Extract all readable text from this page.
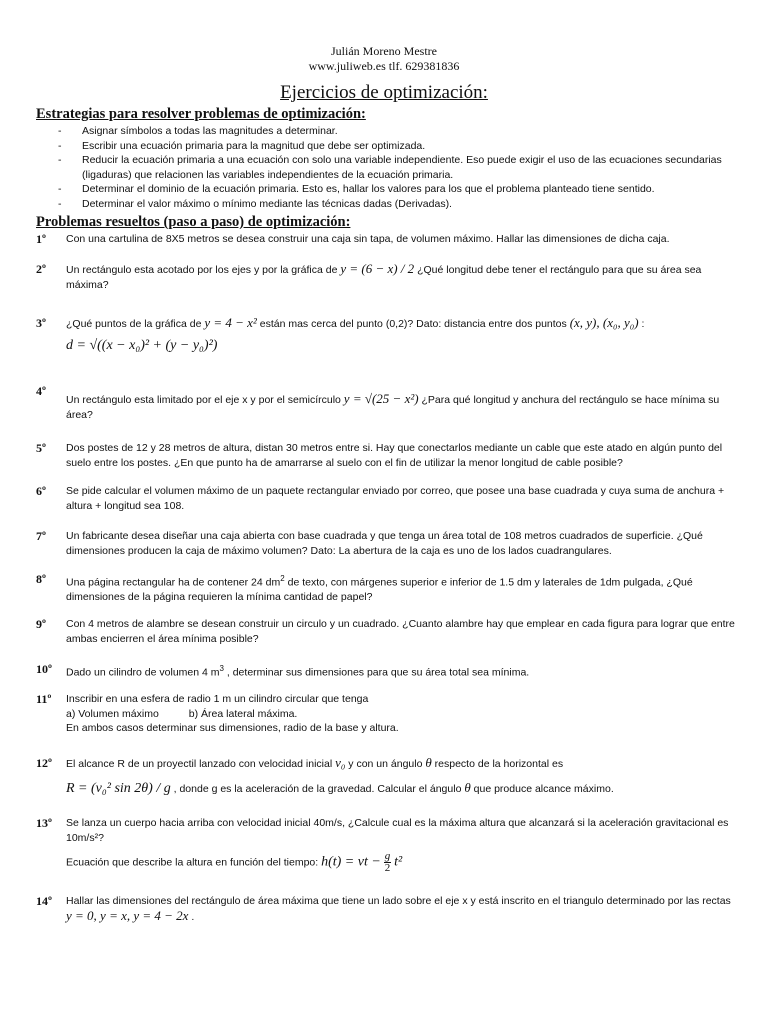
Julián Moreno Mestre
www.juliweb.es tlf. 629381836
Ejercicios de optimización:
Estrategias para resolver problemas de optimización:
- Asignar símbolos a todas las magnitudes a determinar.
- Escribir una ecuación primaria para la magnitud que debe ser optimizada.
- Reducir la ecuación primaria a una ecuación con solo una variable independiente. Eso puede exigir el uso de las ecuaciones secundarias (ligaduras) que relacionen las variables independientes de la ecuación primaria.
- Determinar el dominio de la ecuación primaria. Esto es, hallar los valores para los que el problema planteado tiene sentido.
- Determinar el valor máximo o mínimo mediante las técnicas dadas (Derivadas).
Problemas resueltos (paso a paso) de optimización:
1º	Con una cartulina de 8X5 metros se desea construir una caja sin tapa, de volumen máximo. Hallar las dimensiones de dicha caja.
2º	Un rectángulo esta acotado por los ejes y por la gráfica de y = (6 − x) / 2 ¿Qué longitud debe tener el rectángulo para que su área sea máxima?
3º	¿Qué puntos de la gráfica de y = 4 − x² están mas cerca del punto (0,2)? Dato: distancia entre dos puntos (x, y), (x₀, y₀) :
d = √((x − x₀)² + (y − y₀)²)
4º
Un rectángulo esta limitado por el eje x y por el semicírculo y = √(25 − x²) ¿Para qué longitud y anchura del rectángulo se hace mínima su área?
5º	Dos postes de 12 y 28 metros de altura, distan 30 metros entre si. Hay que conectarlos mediante un cable que este atado en algún punto del suelo entre los postes. ¿En que punto ha de amarrarse al suelo con el fin de utilizar la menor longitud de cable posible?
6º	Se pide calcular el volumen máximo de un paquete rectangular enviado por correo, que posee una base cuadrada y cuya suma de anchura + altura + longitud sea 108.
7º	Un fabricante desea diseñar una caja abierta con base cuadrada y que tenga un área total de 108 metros cuadrados de superficie. ¿Qué dimensiones producen la caja de máximo volumen? Dato: La abertura de la caja es uno de los lados cuadrangulares.
8º	Una página rectangular ha de contener 24 $dm^2$ de texto, con márgenes superior e inferior de 1.5 dm y laterales de 1dm pulgada, ¿Qué dimensiones de la página requieren la mínima cantidad de papel?
9º	Con 4 metros de alambre se desean construir un circulo y un cuadrado. ¿Cuanto alambre hay que emplear en cada figura para lograr que entre ambas encierren el área mínima posible?
10º	Dado un cilindro de volumen 4 $m^3$ , determinar sus dimensiones para que su área total sea mínima.
11º	Inscribir en una esfera de radio 1 m un cilindro circular que tenga
a) Volumen máximo	b) Área lateral máxima.
En ambos casos determinar sus dimensiones, radio de la base y altura.
12º	El alcance R de un proyectil lanzado con velocidad inicial v₀ y con un ángulo θ respecto de la horizontal es
R = (v₀² sin 2θ) / g , donde g es la aceleración de la gravedad. Calcular el ángulo θ que produce alcance máximo.
13º	Se lanza un cuerpo hacia arriba con velocidad inicial 40m/s, ¿Calcule cual es la máxima altura que alcanzará si la aceleración gravitacional es 10m/s²?
Ecuación que describe la altura en función del tiempo: h(t) = vt − $\frac{g}{2} t^2$
14º	Hallar las dimensiones del rectángulo de área máxima que tiene un lado sobre el eje x y está inscrito en el triangulo determinado por las rectas y = 0, y = x, y = 4 − 2x .
